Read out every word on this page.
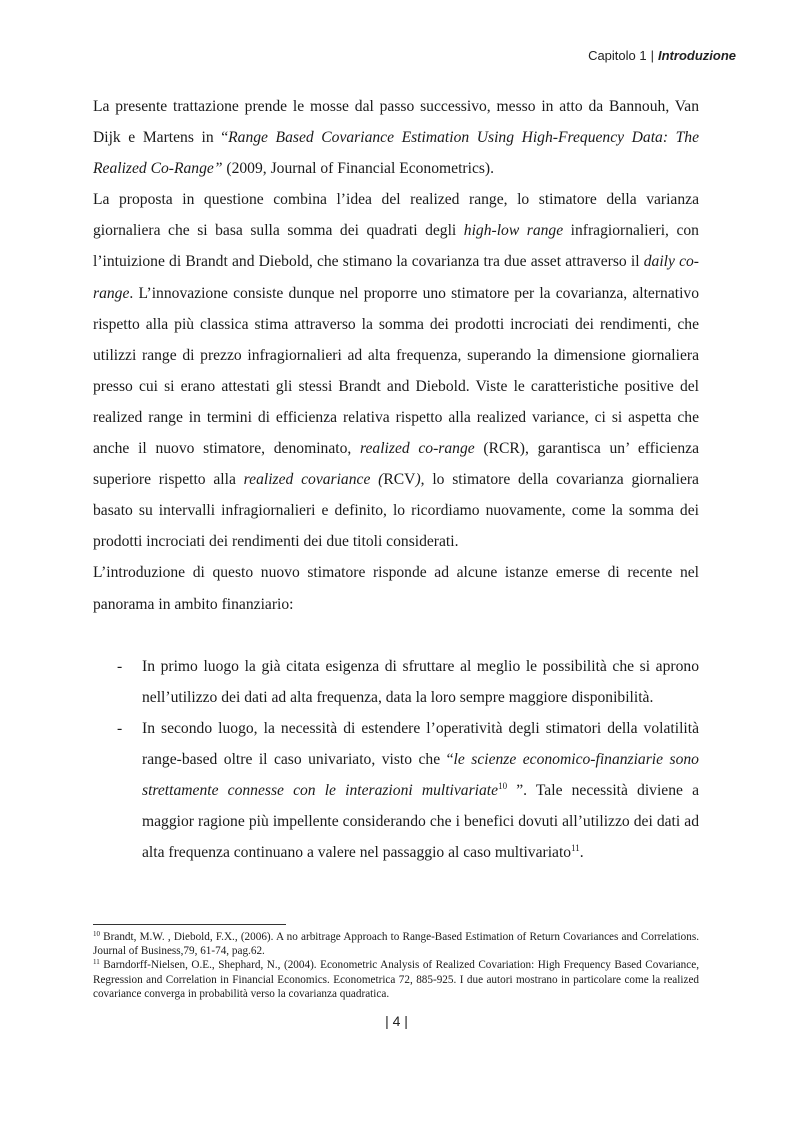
Capitolo 1 | Introduzione

La presente trattazione prende le mosse dal passo successivo, messo in atto da Bannouh, Van Dijk e Martens in “Range Based Covariance Estimation Using High-Frequency Data: The Realized Co-Range” (2009, Journal of Financial Econometrics).

La proposta in questione combina l’idea del realized range, lo stimatore della varianza giornaliera che si basa sulla somma dei quadrati degli high-low range infragiornalieri, con l’intuizione di Brandt and Diebold, che stimano la covarianza tra due asset attraverso il daily co-range. L’innovazione consiste dunque nel proporre uno stimatore per la covarianza, alternativo rispetto alla più classica stima attraverso la somma dei prodotti incrociati dei rendimenti, che utilizzi range di prezzo infragiornalieri ad alta frequenza, superando la dimensione giornaliera presso cui si erano attestati gli stessi Brandt and Diebold. Viste le caratteristiche positive del realized range in termini di efficienza relativa rispetto alla realized variance, ci si aspetta che anche il nuovo stimatore, denominato, realized co-range (RCR), garantisca un’ efficienza superiore rispetto alla realized covariance (RCV), lo stimatore della covarianza giornaliera basato su intervalli infragiornalieri e definito, lo ricordiamo nuovamente, come la somma dei prodotti incrociati dei rendimenti dei due titoli considerati.

L’introduzione di questo nuovo stimatore risponde ad alcune istanze emerse di recente nel panorama in ambito finanziario:

- In primo luogo la già citata esigenza di sfruttare al meglio le possibilità che si aprono nell’utilizzo dei dati ad alta frequenza, data la loro sempre maggiore disponibilità.
- In secondo luogo, la necessità di estendere l’operatività degli stimatori della volatilità range-based oltre il caso univariato, visto che “le scienze economico-finanziarie sono strettamente connesse con le interazioni multivariate$^{10}$ ”. Tale necessità diviene a maggior ragione più impellente considerando che i benefici dovuti all’utilizzo dei dati ad alta frequenza continuano a valere nel passaggio al caso multivariato$^{11}$.

$^{10}$ Brandt, M.W. , Diebold, F.X., (2006). A no arbitrage Approach to Range-Based Estimation of Return Covariances and Correlations. Journal of Business,79, 61-74, pag.62.

$^{11}$ Barndorff-Nielsen, O.E., Shephard, N., (2004). Econometric Analysis of Realized Covariation: High Frequency Based Covariance, Regression and Correlation in Financial Economics. Econometrica 72, 885-925. I due autori mostrano in particolare come la realized covariance converga in probabilità verso la covarianza quadratica.

| 4 |
